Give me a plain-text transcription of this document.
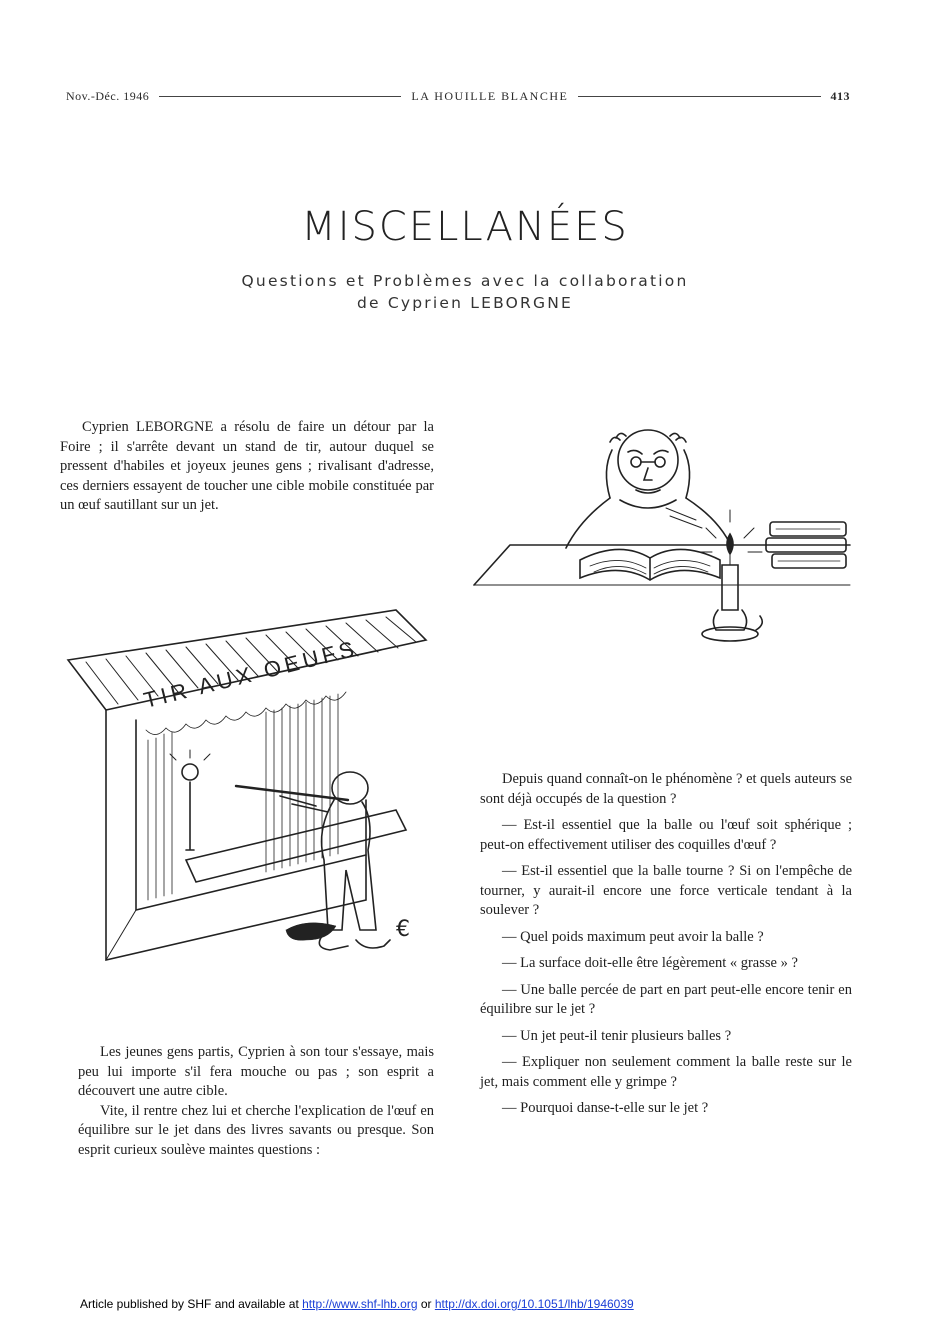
Nov.-Déc. 1946	LA HOUILLE BLANCHE	413
MISCELLANÉES
Questions et Problèmes avec la collaboration
de Cyprien LEBORGNE

Cyprien LEBORGNE a résolu de faire un détour par la Foire ; il s'arrête devant un stand de tir, autour duquel se pressent d'habiles et joyeux jeunes gens ; rivalisant d'adresse, ces derniers essayent de toucher une cible mobile constituée par un œuf sautillant sur un jet.

TIR AUX OEUFS
€

Les jeunes gens partis, Cyprien à son tour s'essaye, mais peu lui importe s'il fera mouche ou pas ; son esprit a découvert une autre cible.

Vite, il rentre chez lui et cherche l'explication de l'œuf en équilibre sur le jet dans des livres savants ou presque. Son esprit curieux soulève maintes questions :

Depuis quand connaît-on le phénomène ? et quels auteurs se sont déjà occupés de la question ?

— Est-il essentiel que la balle ou l'œuf soit sphérique ; peut-on effectivement utiliser des coquilles d'œuf ?

— Est-il essentiel que la balle tourne ? Si on l'empêche de tourner, y aurait-il encore une force verticale tendant à la soulever ?

— Quel poids maximum peut avoir la balle ?

— La surface doit-elle être légèrement « grasse » ?

— Une balle percée de part en part peut-elle encore tenir en équilibre sur le jet ?

— Un jet peut-il tenir plusieurs balles ?

— Expliquer non seulement comment la balle reste sur le jet, mais comment elle y grimpe ?

— Pourquoi danse-t-elle sur le jet ?

Article published by SHF and available at http://www.shf-lhb.org or http://dx.doi.org/10.1051/lhb/1946039
